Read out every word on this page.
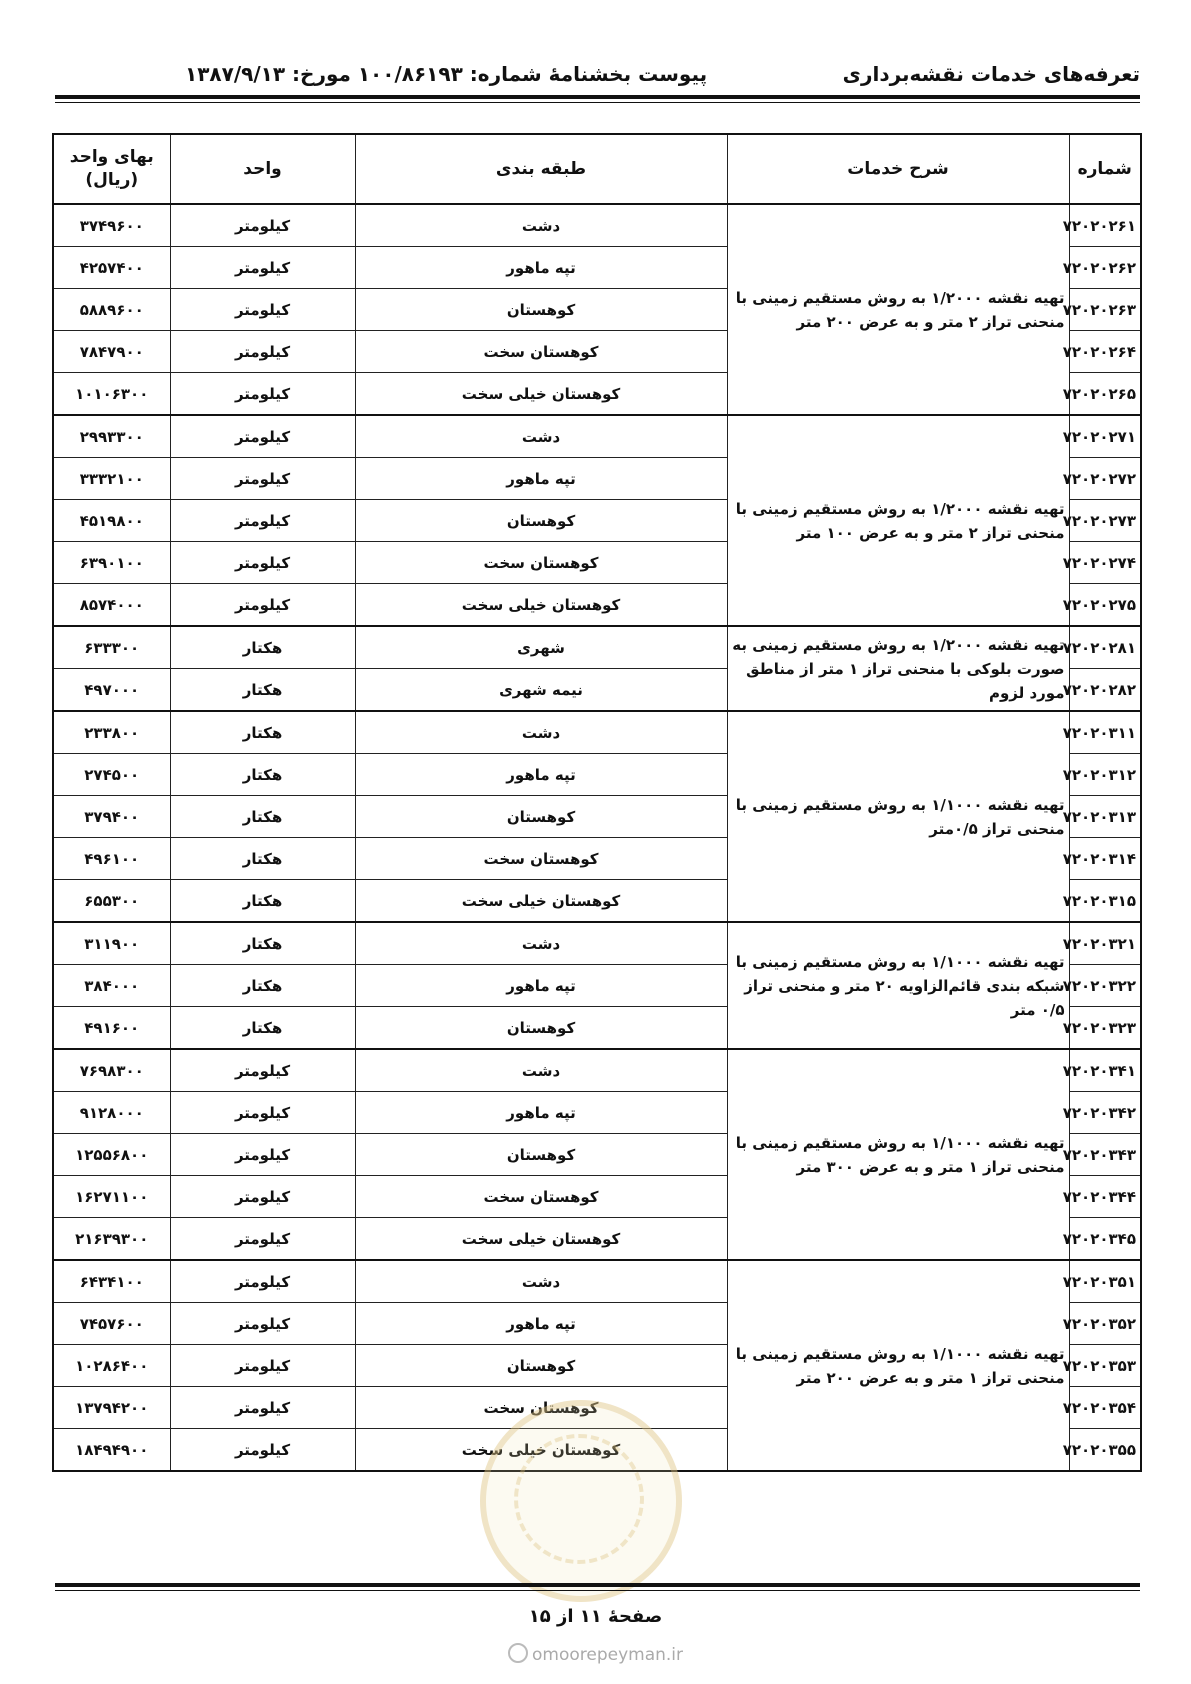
تعرفه‌های خدمات نقشه‌برداری
پیوست بخشنامهٔ شماره: ۱۰۰/۸۶۱۹۳ مورخ: ۱۳۸۷/۹/۱۳
شماره	شرح خدمات	طبقه بندی	واحد	بهای واحد
(ریال)

۷۲۰۲۰۲۶۱	تهیه نقشه ۱/۲۰۰۰ به روش مستقیم زمینی با منحنی تراز ۲ متر و به عرض ۲۰۰ متر	دشت	کیلومتر	۳۷۴۹۶۰۰
۷۲۰۲۰۲۶۲		تپه ماهور	کیلومتر	۴۲۵۷۴۰۰
۷۲۰۲۰۲۶۳		کوهستان	کیلومتر	۵۸۸۹۶۰۰
۷۲۰۲۰۲۶۴		کوهستان سخت	کیلومتر	۷۸۴۷۹۰۰
۷۲۰۲۰۲۶۵		کوهستان خیلی سخت	کیلومتر	۱۰۱۰۶۳۰۰
۷۲۰۲۰۲۷۱	تهیه نقشه ۱/۲۰۰۰ به روش مستقیم زمینی با منحنی تراز ۲ متر و به عرض ۱۰۰ متر	دشت	کیلومتر	۲۹۹۳۳۰۰
۷۲۰۲۰۲۷۲		تپه ماهور	کیلومتر	۳۳۳۲۱۰۰
۷۲۰۲۰۲۷۳		کوهستان	کیلومتر	۴۵۱۹۸۰۰
۷۲۰۲۰۲۷۴		کوهستان سخت	کیلومتر	۶۳۹۰۱۰۰
۷۲۰۲۰۲۷۵		کوهستان خیلی سخت	کیلومتر	۸۵۷۴۰۰۰
۷۲۰۲۰۲۸۱	تهیه نقشه ۱/۲۰۰۰ به روش مستقیم زمینی به صورت بلوکی با منحنی تراز ۱ متر از مناطق مورد لزوم	شهری	هکتار	۶۳۳۳۰۰
۷۲۰۲۰۲۸۲		نیمه شهری	هکتار	۴۹۷۰۰۰
۷۲۰۲۰۳۱۱	تهیه نقشه ۱/۱۰۰۰ به روش مستقیم زمینی با منحنی تراز ۰/۵متر	دشت	هکتار	۲۳۳۸۰۰
۷۲۰۲۰۳۱۲		تپه ماهور	هکتار	۲۷۴۵۰۰
۷۲۰۲۰۳۱۳		کوهستان	هکتار	۳۷۹۴۰۰
۷۲۰۲۰۳۱۴		کوهستان سخت	هکتار	۴۹۶۱۰۰
۷۲۰۲۰۳۱۵		کوهستان خیلی سخت	هکتار	۶۵۵۳۰۰
۷۲۰۲۰۳۲۱	تهیه نقشه ۱/۱۰۰۰ به روش مستقیم زمینی با شبکه بندی قائم‌الزاویه ۲۰ متر و منحنی تراز ۰/۵ متر	دشت	هکتار	۳۱۱۹۰۰
۷۲۰۲۰۳۲۲		تپه ماهور	هکتار	۳۸۴۰۰۰
۷۲۰۲۰۳۲۳		کوهستان	هکتار	۴۹۱۶۰۰
۷۲۰۲۰۳۴۱	تهیه نقشه ۱/۱۰۰۰ به روش مستقیم زمینی با منحنی تراز ۱ متر و به عرض ۳۰۰ متر	دشت	کیلومتر	۷۶۹۸۳۰۰
۷۲۰۲۰۳۴۲		تپه ماهور	کیلومتر	۹۱۲۸۰۰۰
۷۲۰۲۰۳۴۳		کوهستان	کیلومتر	۱۲۵۵۶۸۰۰
۷۲۰۲۰۳۴۴		کوهستان سخت	کیلومتر	۱۶۲۷۱۱۰۰
۷۲۰۲۰۳۴۵		کوهستان خیلی سخت	کیلومتر	۲۱۶۳۹۳۰۰
۷۲۰۲۰۳۵۱	تهیه نقشه ۱/۱۰۰۰ به روش مستقیم زمینی با منحنی تراز ۱ متر و به عرض ۲۰۰ متر	دشت	کیلومتر	۶۴۳۴۱۰۰
۷۲۰۲۰۳۵۲		تپه ماهور	کیلومتر	۷۴۵۷۶۰۰
۷۲۰۲۰۳۵۳		کوهستان	کیلومتر	۱۰۲۸۶۴۰۰
۷۲۰۲۰۳۵۴		کوهستان سخت	کیلومتر	۱۳۷۹۴۲۰۰
۷۲۰۲۰۳۵۵		کوهستان خیلی سخت	کیلومتر	۱۸۴۹۴۹۰۰
صفحهٔ ۱۱ از ۱۵
omoorepeyman.ir
